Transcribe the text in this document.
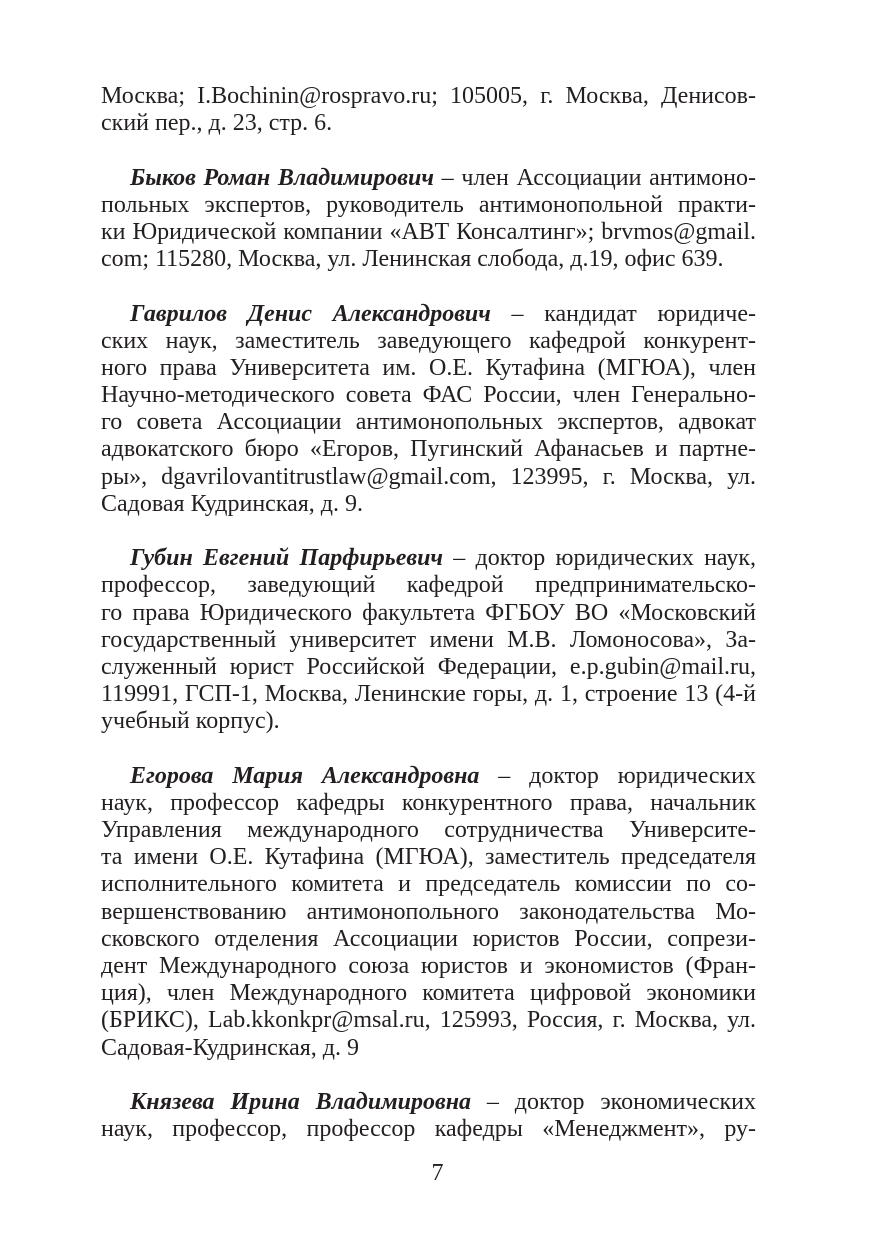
Москва; I.Bochinin@rospravo.ru; 105005, г. Москва, Денисов-
ский пер., д. 23, стр. 6.
Быков Роман Владимирович – член Ассоциации антимоно-
польных экспертов, руководитель антимонопольной практи-
ки Юридической компании «АВТ Консалтинг»; brvmos@gmail.
com; 115280, Москва, ул. Ленинская слобода, д.19, офис 639.
Гаврилов Денис Александрович – кандидат юридиче-
ских наук, заместитель заведующего кафедрой конкурент-
ного права Университета им. О.Е. Кутафина (МГЮА), член
Научно-методического совета ФАС России, член Генерально-
го совета Ассоциации антимонопольных экспертов, адвокат
адвокатского бюро «Егоров, Пугинский Афанасьев и партне-
ры», dgavrilovantitrustlaw@gmail.com, 123995, г. Москва, ул.
Садовая Кудринская, д. 9.
Губин Евгений Парфирьевич – доктор юридических наук,
профессор, заведующий кафедрой предпринимательско-
го права Юридического факультета ФГБОУ ВО «Московский
государственный университет имени М.В. Ломоносова», За-
служенный юрист Российской Федерации, e.p.gubin@mail.ru,
119991, ГСП-1, Москва, Ленинские горы, д. 1, строение 13 (4-й
учебный корпус).
Егорова Мария Александровна – доктор юридических
наук, профессор кафедры конкурентного права, начальник
Управления международного сотрудничества Университе-
та имени О.Е. Кутафина (МГЮА), заместитель председателя
исполнительного комитета и председатель комиссии по со-
вершенствованию антимонопольного законодательства Мо-
сковского отделения Ассоциации юристов России, сопрези-
дент Международного союза юристов и экономистов (Фран-
ция), член Международного комитета цифровой экономики
(БРИКС), Lab.kkonkpr@msal.ru, 125993, Россия, г. Москва, ул.
Садовая-Кудринская, д. 9
Князева Ирина Владимировна – доктор экономических
наук, профессор, профессор кафедры «Менеджмент», ру-
7
